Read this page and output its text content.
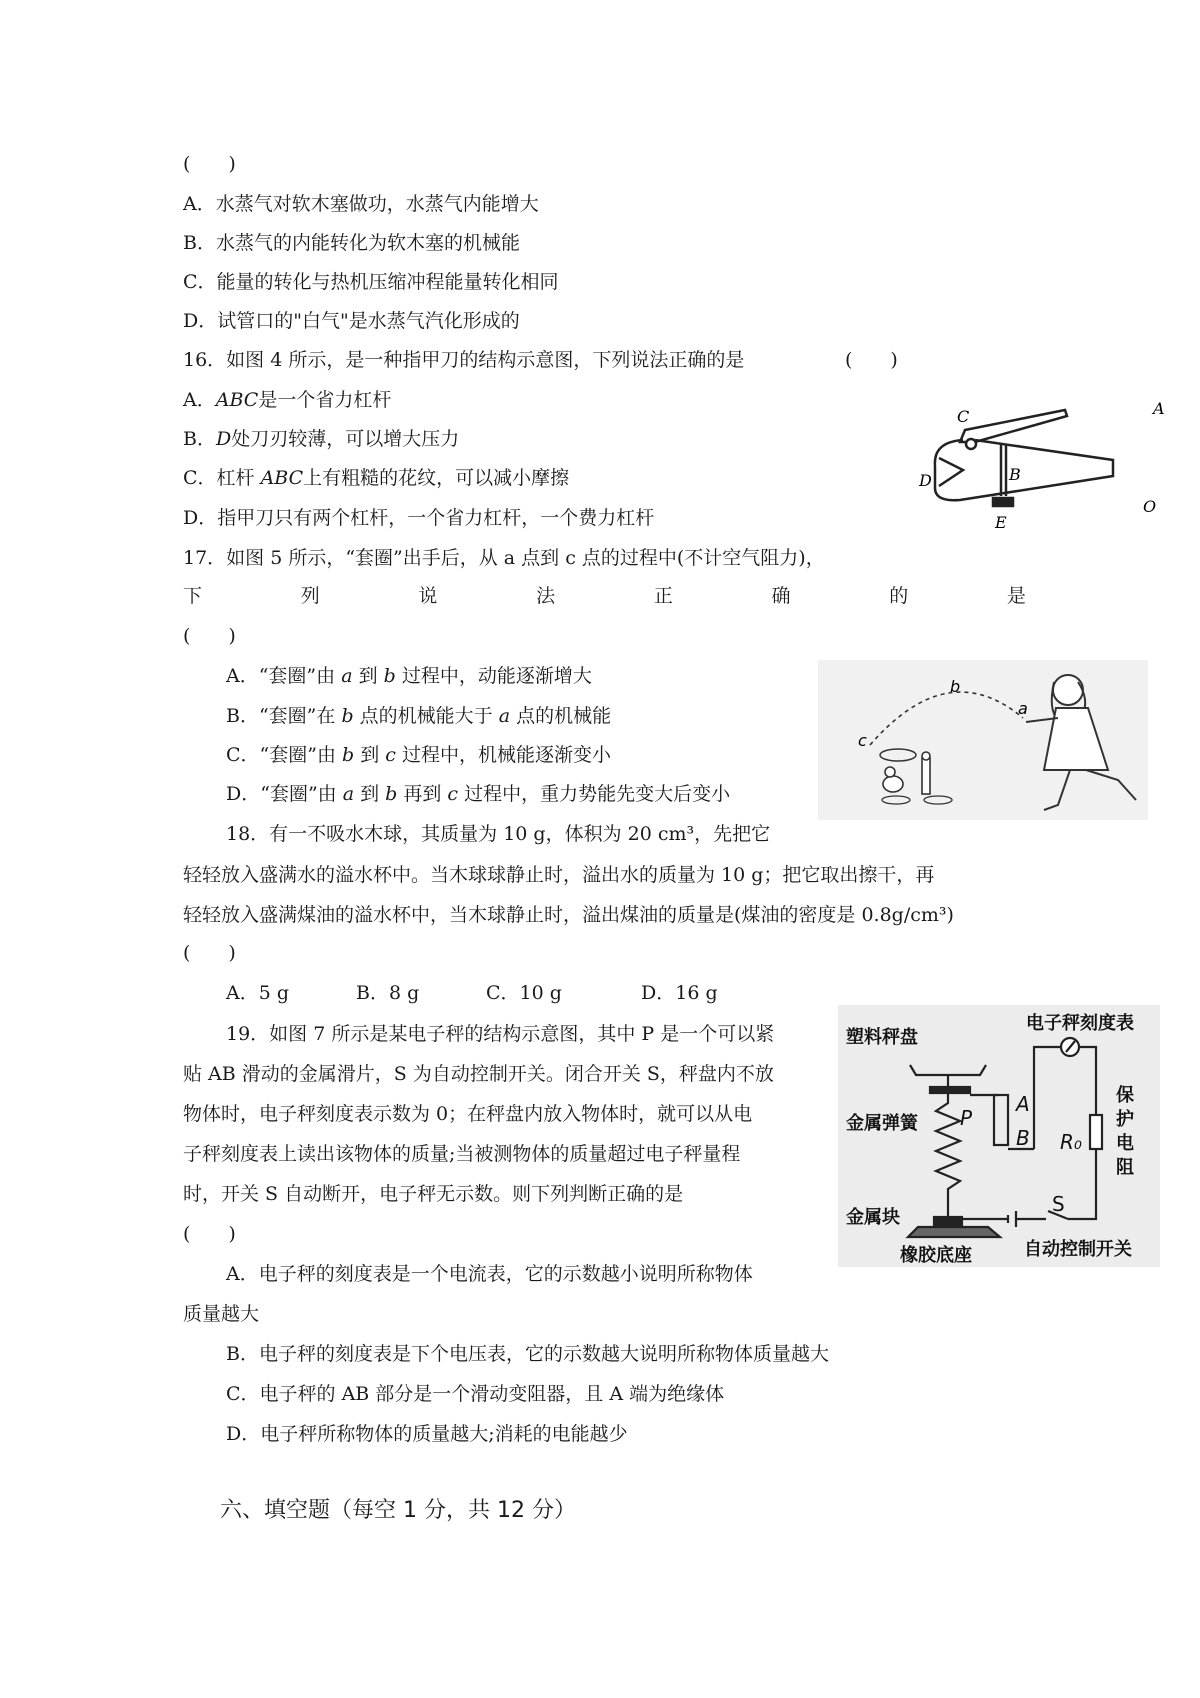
(　　)
A．水蒸气对软木塞做功，水蒸气内能增大
B．水蒸气的内能转化为软木塞的机械能
C．能量的转化与热机压缩冲程能量转化相同
D．试管口的"白气"是水蒸气汽化形成的
16．如图 4 所示，是一种指甲刀的结构示意图，下列说法正确的是	(　　)
A．ABC是一个省力杠杆
B．D处刀刃较薄，可以增大压力
C．杠杆 ABC上有粗糙的花纹，可以减小摩擦
D．指甲刀只有两个杠杆，一个省力杠杆，一个费力杠杆
C	A
B
D
E
O
17．如图 5 所示，“套圈”出手后，从 a 点到 c 点的过程中(不计空气阻力)，
下	列	说	法	正	确	的	是
(　　)
A．“套圈”由 a 到 b 过程中，动能逐渐增大
B．“套圈”在 b 点的机械能大于 a 点的机械能
C．“套圈”由 b 到 c 过程中，机械能逐渐变小
D．“套圈”由 a 到 b 再到 c 过程中，重力势能先变大后变小
b
a
c
18．有一不吸水木球，其质量为 10 g，体积为 20 cm³，先把它
轻轻放入盛满水的溢水杯中。当木球球静止时，溢出水的质量为 10 g；把它取出擦干，再
轻轻放入盛满煤油的溢水杯中，当木球静止时，溢出煤油的质量是(煤油的密度是 0.8g/cm³)
(　　)
A．5 g	B．8 g	C．10 g	D．16 g
19．如图 7 所示是某电子秤的结构示意图，其中 P 是一个可以紧
贴 AB 滑动的金属滑片，S 为自动控制开关。闭合开关 S，秤盘内不放
物体时，电子秤刻度表示数为 0；在秤盘内放入物体时，就可以从电
子秤刻度表上读出该物体的质量;当被测物体的质量超过电子秤量程
时，开关 S 自动断开，电子秤无示数。则下列判断正确的是
(　　)
A．电子秤的刻度表是一个电流表，它的示数越小说明所称物体
质量越大
B．电子秤的刻度表是下个电压表，它的示数越大说明所称物体质量越大
C．电子秤的 AB 部分是一个滑动变阻器，且 A 端为绝缘体
D．电子秤所称物体的质量越大;消耗的电能越少
塑料秤盘
电子秤刻度表
金属弹簧
金属块
橡胶底座	自动控制开关
保
护
电
阻
P
A
B R₀
S
六、填空题（每空 1 分，共 12 分）
